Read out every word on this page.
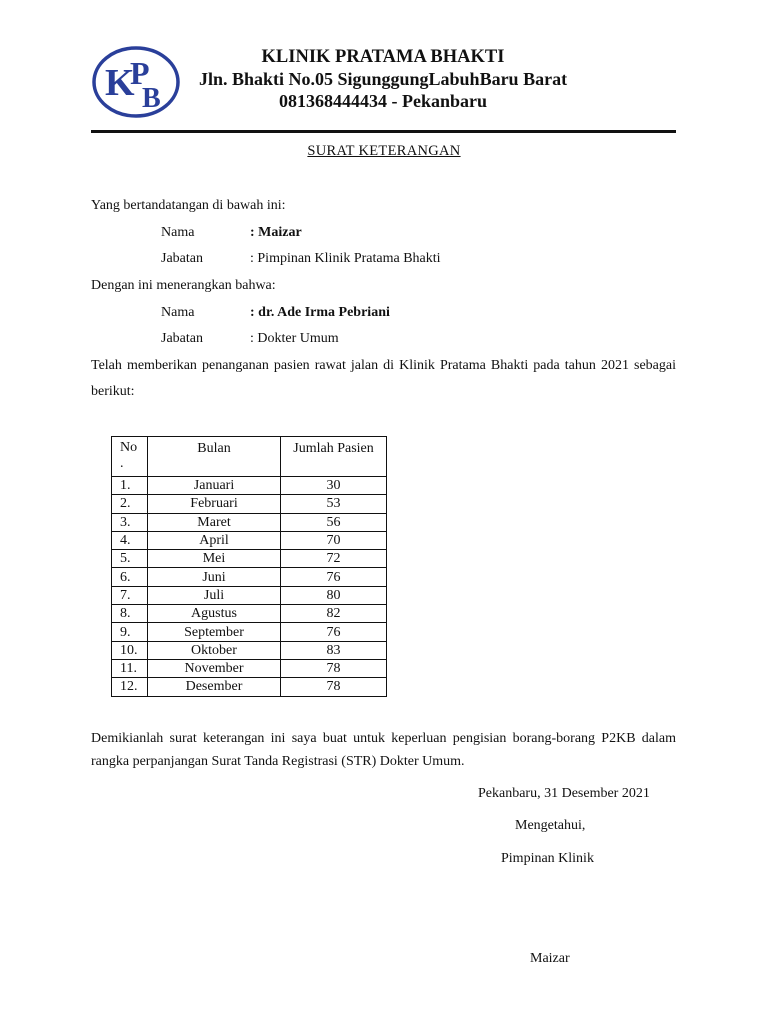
K
P
B
KLINIK PRATAMA BHAKTI
Jln. Bhakti No.05 SigunggungLabuhBaru Barat
081368444434 - Pekanbaru
SURAT KETERANGAN
Yang bertandatangan di bawah ini:
Nama	: Maizar
Jabatan	: Pimpinan Klinik Pratama Bhakti
Dengan ini menerangkan bahwa:
Nama	: dr. Ade Irma Pebriani
Jabatan	: Dokter Umum
Telah memberikan penanganan pasien rawat jalan di Klinik Pratama Bhakti pada tahun 2021 sebagai berikut:
No
.	Bulan	Jumlah Pasien
1.	Januari	30
2.	Februari	53
3.	Maret	56
4.	April	70
5.	Mei	72
6.	Juni	76
7.	Juli	80
8.	Agustus	82
9.	September	76
10.	Oktober	83
11.	November	78
12.	Desember	78
Demikianlah surat keterangan ini saya buat untuk keperluan pengisian borang-borang P2KB dalam rangka perpanjangan Surat Tanda Registrasi (STR) Dokter Umum.
Pekanbaru, 31 Desember 2021
Mengetahui,
Pimpinan Klinik
Maizar
